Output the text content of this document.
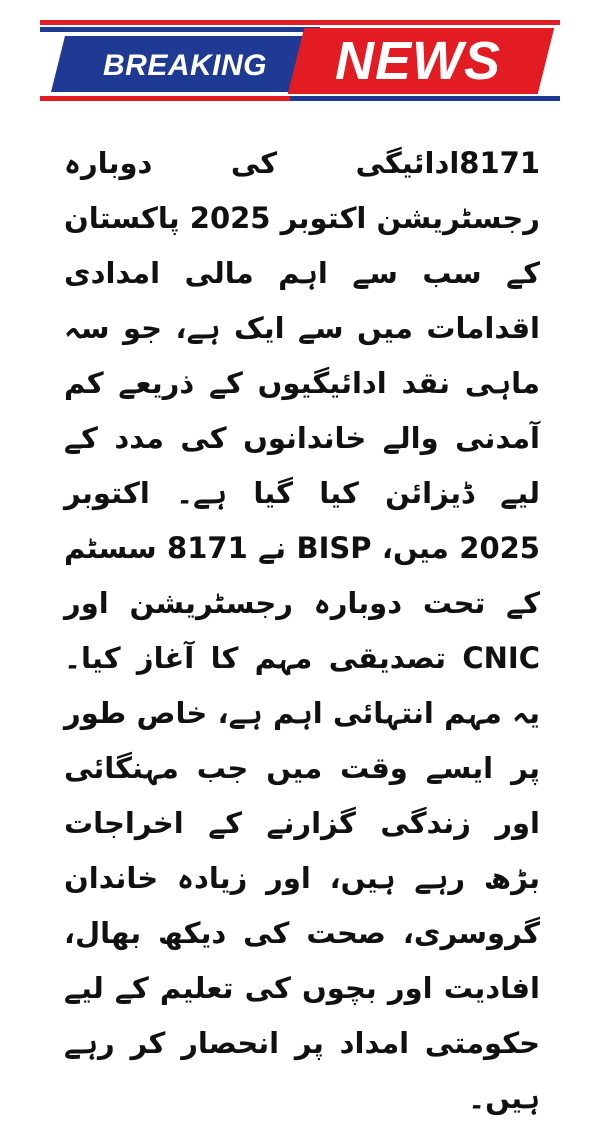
BREAKING	NEWS

8171ادائیگی کی دوبارہ رجسٹریشن اکتوبر 2025 پاکستان کے سب سے اہم مالی امدادی اقدامات میں سے ایک ہے، جو سہ ماہی نقد ادائیگیوں کے ذریعے کم آمدنی والے خاندانوں کی مدد کے لیے ڈیزائن کیا گیا ہے۔ اکتوبر 2025 میں، BISP نے 8171 سسٹم کے تحت دوبارہ رجسٹریشن اور CNIC تصدیقی مہم کا آغاز کیا۔ یہ مہم انتہائی اہم ہے، خاص طور پر ایسے وقت میں جب مہنگائی اور زندگی گزارنے کے اخراجات بڑھ رہے ہیں، اور زیادہ خاندان گروسری، صحت کی دیکھ بھال، افادیت اور بچوں کی تعلیم کے لیے حکومتی امداد پر انحصار کر رہے ہیں۔
